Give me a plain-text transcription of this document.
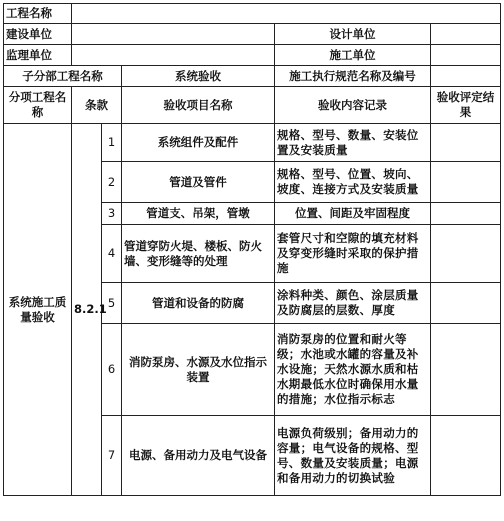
工程名称					
建设单位				设计单位	
监理单位				施工单位	
子分部工程名称			系统验收	施工执行规范名称及编号	
分项工程名称	条款		验收项目名称	验收内容记录	验收评定结果
系统施工质量验收	8.2.1	1	系统组件及配件	规格、型号、数量、安装位置及安装质量	
		2	管道及管件	规格、型号、位置、坡向、坡度、连接方式及安装质量	
		3	管道支、吊架，管墩	位置、间距及牢固程度	
		4	管道穿防火堤、楼板、防火墙、变形缝等的处理	套管尺寸和空隙的填充材料及穿变形缝时采取的保护措施	
		5	管道和设备的防腐	涂料种类、颜色、涂层质量及防腐层的层数、厚度	
		6	消防泵房、水源及水位指示装置	消防泵房的位置和耐火等级；水池或水罐的容量及补水设施；天然水源水质和枯水期最低水位时确保用水量的措施；水位指示标志	
		7	电源、备用动力及电气设备	电源负荷级别；备用动力的容量；电气设备的规格、型号、数量及安装质量；电源和备用动力的切换试验	
